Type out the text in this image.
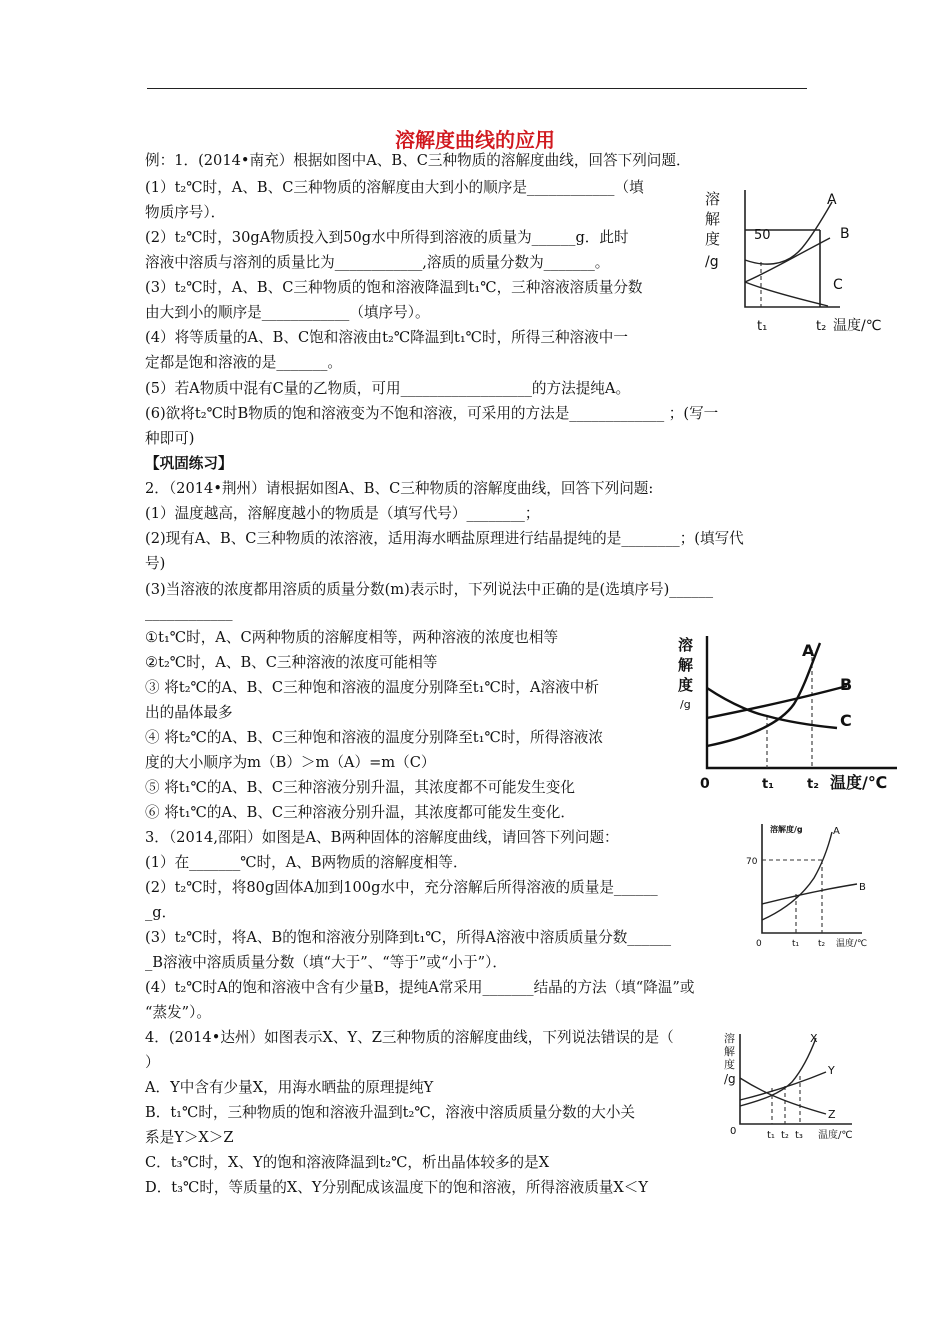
溶解度曲线的应用
例：1．(2014•南充）根据如图中A、B、C三种物质的溶解度曲线，回答下列问题．
(1）t₂℃时，A、B、C三种物质的溶解度由大到小的顺序是____________（填
物质序号）．
(2）t₂℃时，30gA物质投入到50g水中所得到溶液的质量为______g．此时
溶液中溶质与溶剂的质量比为____________,溶质的质量分数为_______。
(3）t₂℃时，A、B、C三种物质的饱和溶液降温到t₁℃，三种溶液溶质量分数
由大到小的顺序是____________（填序号）。
(4）将等质量的A、B、C饱和溶液由t₂℃降温到t₁℃时，所得三种溶液中一
定都是饱和溶液的是_______。
(5）若A物质中混有C量的乙物质，可用__________________的方法提纯A。
(6)欲将t₂℃时B物质的饱和溶液变为不饱和溶液，可采用的方法是_____________ ；(写一
种即可)
【巩固练习】
2．（2014•荆州）请根据如图A、B、C三种物质的溶解度曲线，回答下列问题:
(1）温度越高，溶解度越小的物质是（填写代号）________；
(2)现有A、B、C三种物质的浓溶液，适用海水晒盐原理进行结晶提纯的是________；(填写代
号)
(3)当溶液的浓度都用溶质的质量分数(m)表示时，下列说法中正确的是(选填序号)______
____________
①t₁℃时，A、C两种物质的溶解度相等，两种溶液的浓度也相等
②t₂℃时，A、B、C三种溶液的浓度可能相等
③ 将t₂℃的A、B、C三种饱和溶液的温度分别降至t₁℃时，A溶液中析
出的晶体最多
④ 将t₂℃的A、B、C三种饱和溶液的温度分别降至t₁℃时，所得溶液浓
度的大小顺序为m（B）＞m（A）=m（C）
⑤ 将t₁℃的A、B、C三种溶液分别升温，其浓度都不可能发生变化
⑥ 将t₁℃的A、B、C三种溶液分别升温，其浓度都可能发生变化．
3．（2014,邵阳）如图是A、B两种固体的溶解度曲线，请回答下列问题：
(1）在_______℃时，A、B两物质的溶解度相等．
(2）t₂℃时，将80g固体A加到100g水中，充分溶解后所得溶液的质量是______
_g．
(3）t₂℃时，将A、B的饱和溶液分别降到t₁℃，所得A溶液中溶质质量分数______
_B溶液中溶质质量分数（填“大于”、“等于”或“小于”）．
(4）t₂℃时A的饱和溶液中含有少量B，提纯A常采用_______结晶的方法（填“降温”或
“蒸发”）。
4．(2014•达州）如图表示X、Y、Z三种物质的溶解度曲线，下列说法错误的是（
）
A．Y中含有少量X，用海水晒盐的原理提纯Y
B．t₁℃时，三种物质的饱和溶液升温到t₂℃，溶液中溶质质量分数的大小关
系是Y＞X＞Z
C．t₃℃时，X、Y的饱和溶液降温到t₂℃，析出晶体较多的是X
D．t₃℃时，等质量的X、Y分别配成该温度下的饱和溶液，所得溶液质量X＜Y
溶
解
度
/g
50
A
B
C
t₁	t₂ 温度/℃
溶
解
度
/g
A
B
C
0	t₁	t₂ 温度/℃
溶解度/g	A
B
70
0	t₁ t₂ 温度/℃
溶
解
度
/g
X
Y
Z
0	t₁ t₂ t₃ 温度/℃
